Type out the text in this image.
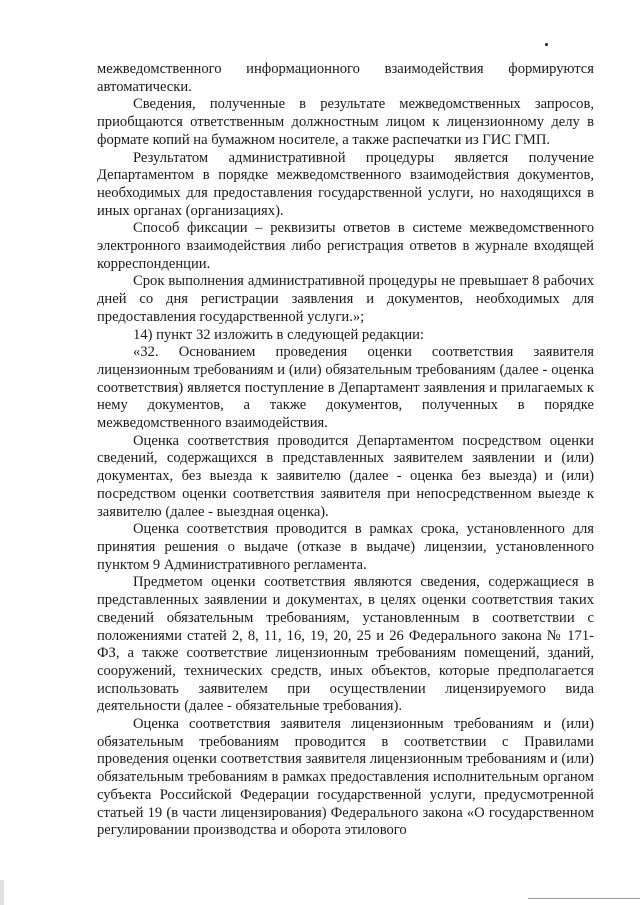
межведомственного информационного взаимодействия формируются автоматически.

Сведения, полученные в результате межведомственных запросов, приобщаются ответственным должностным лицом к лицензионному делу в формате копий на бумажном носителе, а также распечатки из ГИС ГМП.

Результатом административной процедуры является получение Департаментом в порядке межведомственного взаимодействия документов, необходимых для предоставления государственной услуги, но находящихся в иных органах (организациях).

Способ фиксации – реквизиты ответов в системе межведомственного электронного взаимодействия либо регистрация ответов в журнале входящей корреспонденции.

Срок выполнения административной процедуры не превышает 8 рабочих дней со дня регистрации заявления и документов, необходимых для предоставления государственной услуги.»;

14) пункт 32 изложить в следующей редакции:

«32. Основанием проведения оценки соответствия заявителя лицензионным требованиям и (или) обязательным требованиям (далее - оценка соответствия) является поступление в Департамент заявления и прилагаемых к нему документов, а также документов, полученных в порядке межведомственного взаимодействия.

Оценка соответствия проводится Департаментом посредством оценки сведений, содержащихся в представленных заявителем заявлении и (или) документах, без выезда к заявителю (далее - оценка без выезда) и (или) посредством оценки соответствия заявителя при непосредственном выезде к заявителю (далее - выездная оценка).

Оценка соответствия проводится в рамках срока, установленного для принятия решения о выдаче (отказе в выдаче) лицензии, установленного пунктом 9 Административного регламента.

Предметом оценки соответствия являются сведения, содержащиеся в представленных заявлении и документах, в целях оценки соответствия таких сведений обязательным требованиям, установленным в соответствии с положениями статей 2, 8, 11, 16, 19, 20, 25 и 26 Федерального закона № 171-ФЗ, а также соответствие лицензионным требованиям помещений, зданий, сооружений, технических средств, иных объектов, которые предполагается использовать заявителем при осуществлении лицензируемого вида деятельности (далее - обязательные требования).

Оценка соответствия заявителя лицензионным требованиям и (или) обязательным требованиям проводится в соответствии с Правилами проведения оценки соответствия заявителя лицензионным требованиям и (или) обязательным требованиям в рамках предоставления исполнительным органом субъекта Российской Федерации государственной услуги, предусмотренной статьей 19 (в части лицензирования) Федерального закона «О государственном регулировании производства и оборота этилового
